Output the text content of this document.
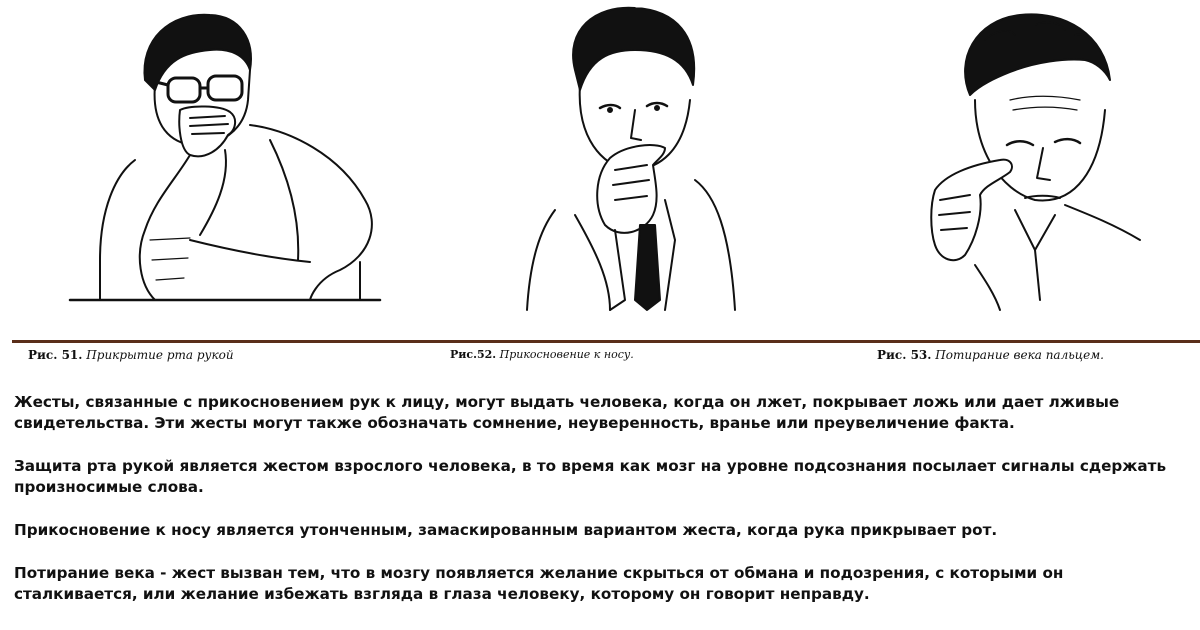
Рис. 51. Прикрытие рта рукой	Рис.52. Прикосновение к носу.	Рис. 53. Потирание века пальцем.

Жесты, связанные с прикосновением рук к лицу, могут выдать человека, когда он лжет, покрывает ложь или дает лживые свидетельства. Эти жесты могут также обозначать сомнение, неуверенность, вранье или преувеличение факта.

Защита рта рукой является жестом взрослого человека, в то время как мозг на уровне подсознания посылает сигналы сдержать произносимые слова.

Прикосновение к носу является утонченным, замаскированным вариантом жеста, когда рука прикрывает рот.

Потирание века - жест вызван тем, что в мозгу появляется желание скрыться от обмана и подозрения, с которыми он сталкивается, или желание избежать взгляда в глаза человеку, которому он говорит неправду.
